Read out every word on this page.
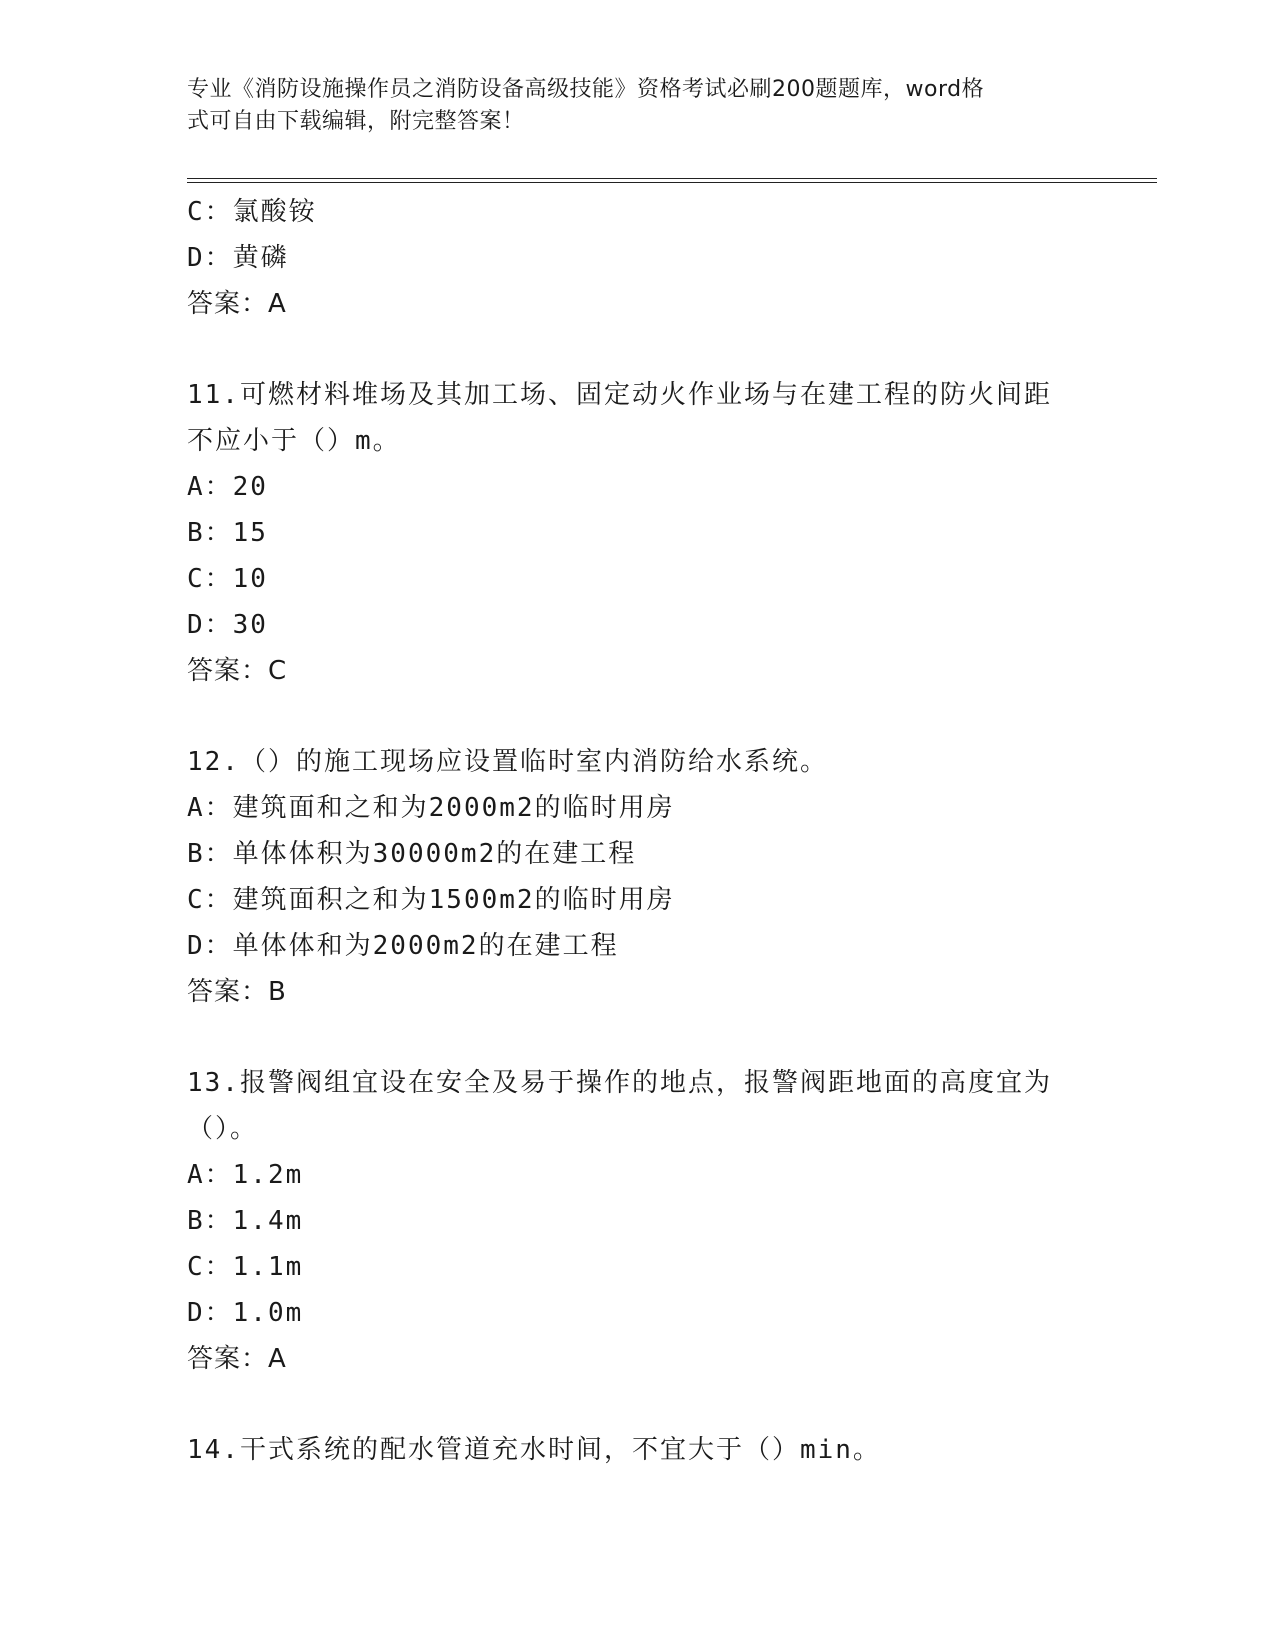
专业《消防设施操作员之消防设备高级技能》资格考试必刷200题题库，word格
式可自由下载编辑，附完整答案！
C：氯酸铵
D：黄磷
答案：A
11.可燃材料堆场及其加工场、固定动火作业场与在建工程的防火间距
不应小于（）m。
A：20
B：15
C：10
D：30
答案：C
12.（）的施工现场应设置临时室内消防给水系统。
A：建筑面和之和为2000m2的临时用房
B：单体体积为30000m2的在建工程
C：建筑面积之和为1500m2的临时用房
D：单体体和为2000m2的在建工程
答案：B
13.报警阀组宜设在安全及易于操作的地点，报警阀距地面的高度宜为
（）。
A：1.2m
B：1.4m
C：1.1m
D：1.0m
答案：A
14.干式系统的配水管道充水时间，不宜大于（）min。
